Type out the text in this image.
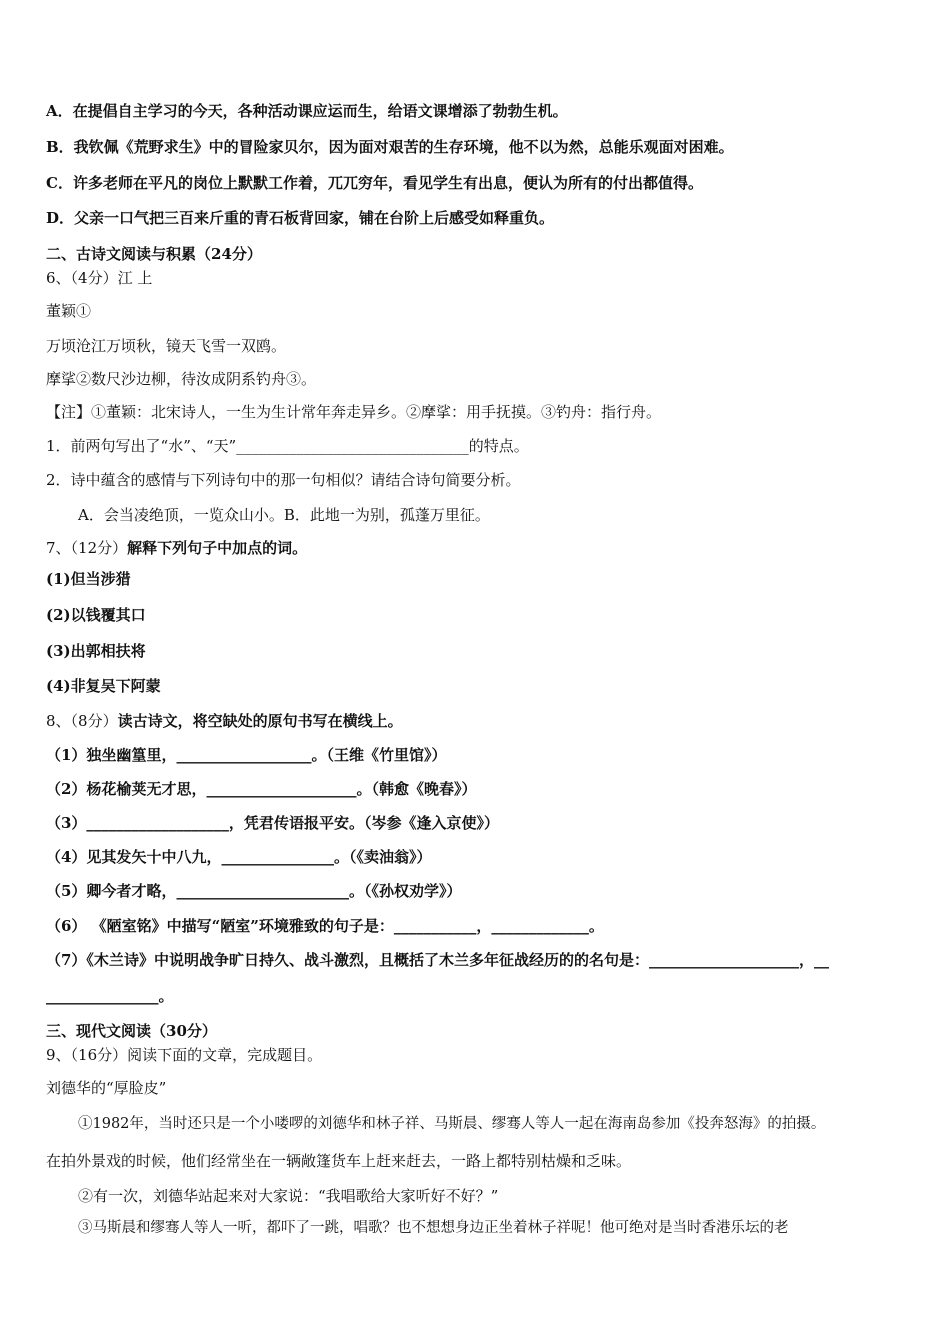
A．在提倡自主学习的今天，各种活动课应运而生，给语文课增添了勃勃生机。
B．我钦佩《荒野求生》中的冒险家贝尔，因为面对艰苦的生存环境，他不以为然，总能乐观面对困难。
C．许多老师在平凡的岗位上默默工作着，兀兀穷年，看见学生有出息，便认为所有的付出都值得。
D．父亲一口气把三百来斤重的青石板背回家，铺在台阶上后感受如释重负。
二、古诗文阅读与积累（24分）
6、（4分）江 上
董颖①
万顷沧江万顷秋，镜天飞雪一双鸥。
摩挲②数尺沙边柳，待汝成阴系钓舟③。
【注】①董颖：北宋诗人，一生为生计常年奔走异乡。②摩挲：用手抚摸。③钓舟：指行舟。
1．前两句写出了“水”、“天”_______________________________的特点。
2．诗中蕴含的感情与下列诗句中的那一句相似？请结合诗句简要分析。
A．会当凌绝顶，一览众山小。B．此地一为别，孤蓬万里征。
7、（12分）解释下列句子中加点的词。
(1)但当涉猎
(2)以钱覆其口
(3)出郭相扶将
(4)非复吴下阿蒙
8、（8分）读古诗文，将空缺处的原句书写在横线上。
（1）独坐幽篁里，__________________。（王维《竹里馆》）
（2）杨花榆荚无才思，____________________。（韩愈《晚春》）
（3）___________________，凭君传语报平安。（岑参《逢入京使》）
（4）见其发矢十中八九，_______________。（《卖油翁》）
（5）卿今者才略，_______________________。（《孙权劝学》）
（6） 《陋室铭》中描写“陋室”环境雅致的句子是：___________，_____________。
（7）《木兰诗》中说明战争旷日持久、战斗激烈，且概括了木兰多年征战经历的的名句是：____________________，__
_______________。
三、现代文阅读（30分）
9、（16分）阅读下面的文章，完成题目。
刘德华的“厚脸皮”
①1982年，当时还只是一个小喽啰的刘德华和林子祥、马斯晨、缪骞人等人一起在海南岛参加《投奔怒海》的拍摄。
在拍外景戏的时候，他们经常坐在一辆敞篷货车上赶来赶去，一路上都特别枯燥和乏味。
②有一次，刘德华站起来对大家说：“我唱歌给大家听好不好？”
③马斯晨和缪骞人等人一听，都吓了一跳，唱歌？也不想想身边正坐着林子祥呢！他可绝对是当时香港乐坛的老
